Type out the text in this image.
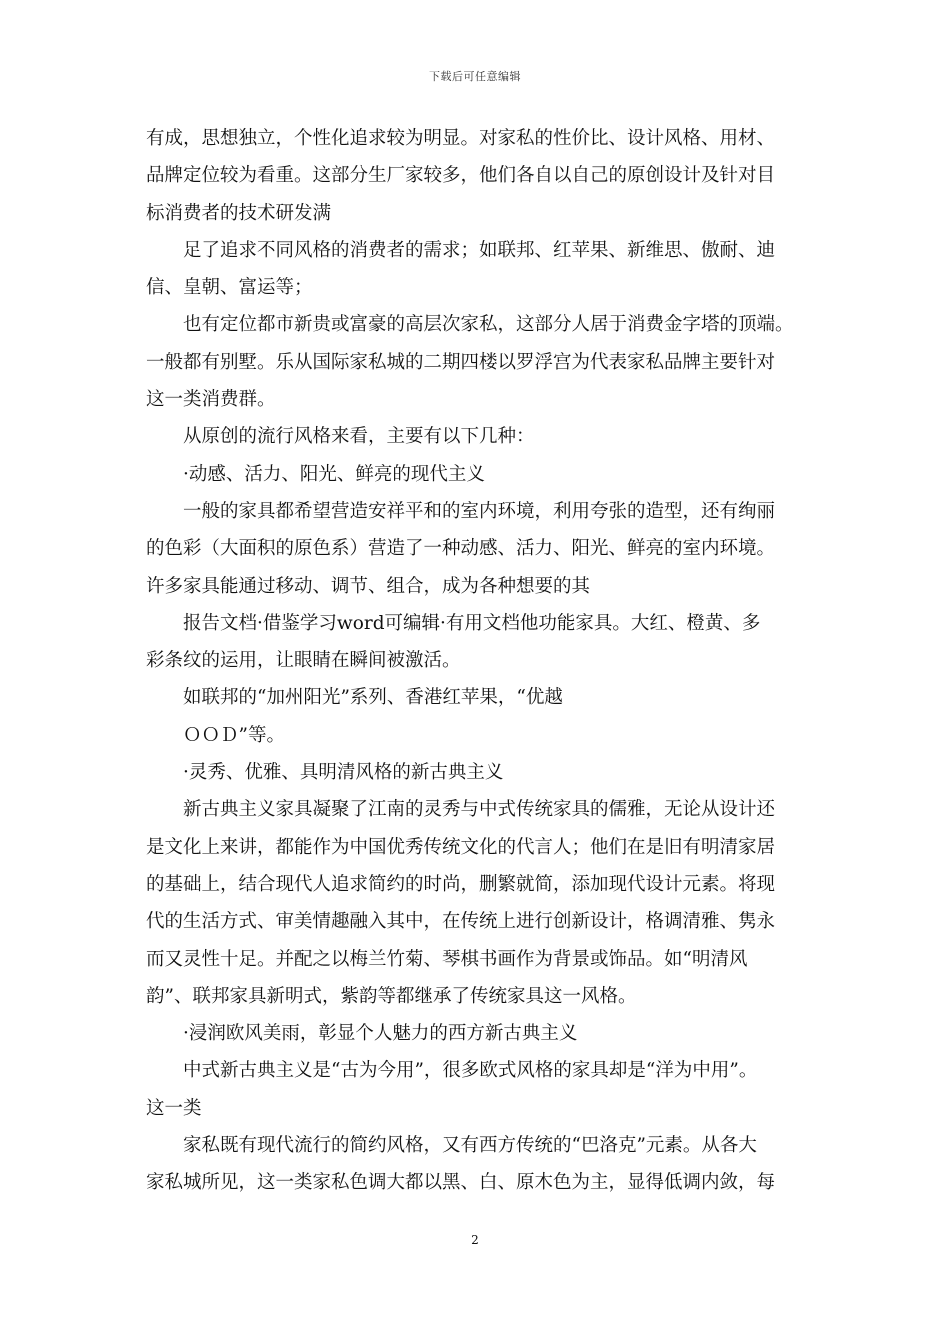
下载后可任意编辑

有成，思想独立，个性化追求较为明显。对家私的性价比、设计风格、用材、

品牌定位较为看重。这部分生厂家较多，他们各自以自己的原创设计及针对目

标消费者的技术研发满

足了追求不同风格的消费者的需求；如联邦、红苹果、新维思、傲耐、迪

信、皇朝、富运等；

也有定位都市新贵或富豪的高层次家私，这部分人居于消费金字塔的顶端。

一般都有别墅。乐从国际家私城的二期四楼以罗浮宫为代表家私品牌主要针对

这一类消费群。

从原创的流行风格来看，主要有以下几种：

·动感、活力、阳光、鲜亮的现代主义

一般的家具都希望营造安祥平和的室内环境，利用夸张的造型，还有绚丽

的色彩（大面积的原色系）营造了一种动感、活力、阳光、鲜亮的室内环境。

许多家具能通过移动、调节、组合，成为各种想要的其

报告文档·借鉴学习word可编辑·有用文档他功能家具。大红、橙黄、多

彩条纹的运用，让眼睛在瞬间被激活。

如联邦的“加州阳光”系列、香港红苹果，“优越

ＯＯＤ”等。

·灵秀、优雅、具明清风格的新古典主义

新古典主义家具凝聚了江南的灵秀与中式传统家具的儒雅，无论从设计还

是文化上来讲，都能作为中国优秀传统文化的代言人；他们在是旧有明清家居

的基础上，结合现代人追求简约的时尚，删繁就简，添加现代设计元素。将现

代的生活方式、审美情趣融入其中，在传统上进行创新设计，格调清雅、隽永

而又灵性十足。并配之以梅兰竹菊、琴棋书画作为背景或饰品。如“明清风

韵”、联邦家具新明式，紫韵等都继承了传统家具这一风格。

·浸润欧风美雨，彰显个人魅力的西方新古典主义

中式新古典主义是“古为今用”，很多欧式风格的家具却是“洋为中用”。

这一类

家私既有现代流行的简约风格，又有西方传统的“巴洛克”元素。从各大

家私城所见，这一类家私色调大都以黑、白、原木色为主，显得低调内敛，每

2
